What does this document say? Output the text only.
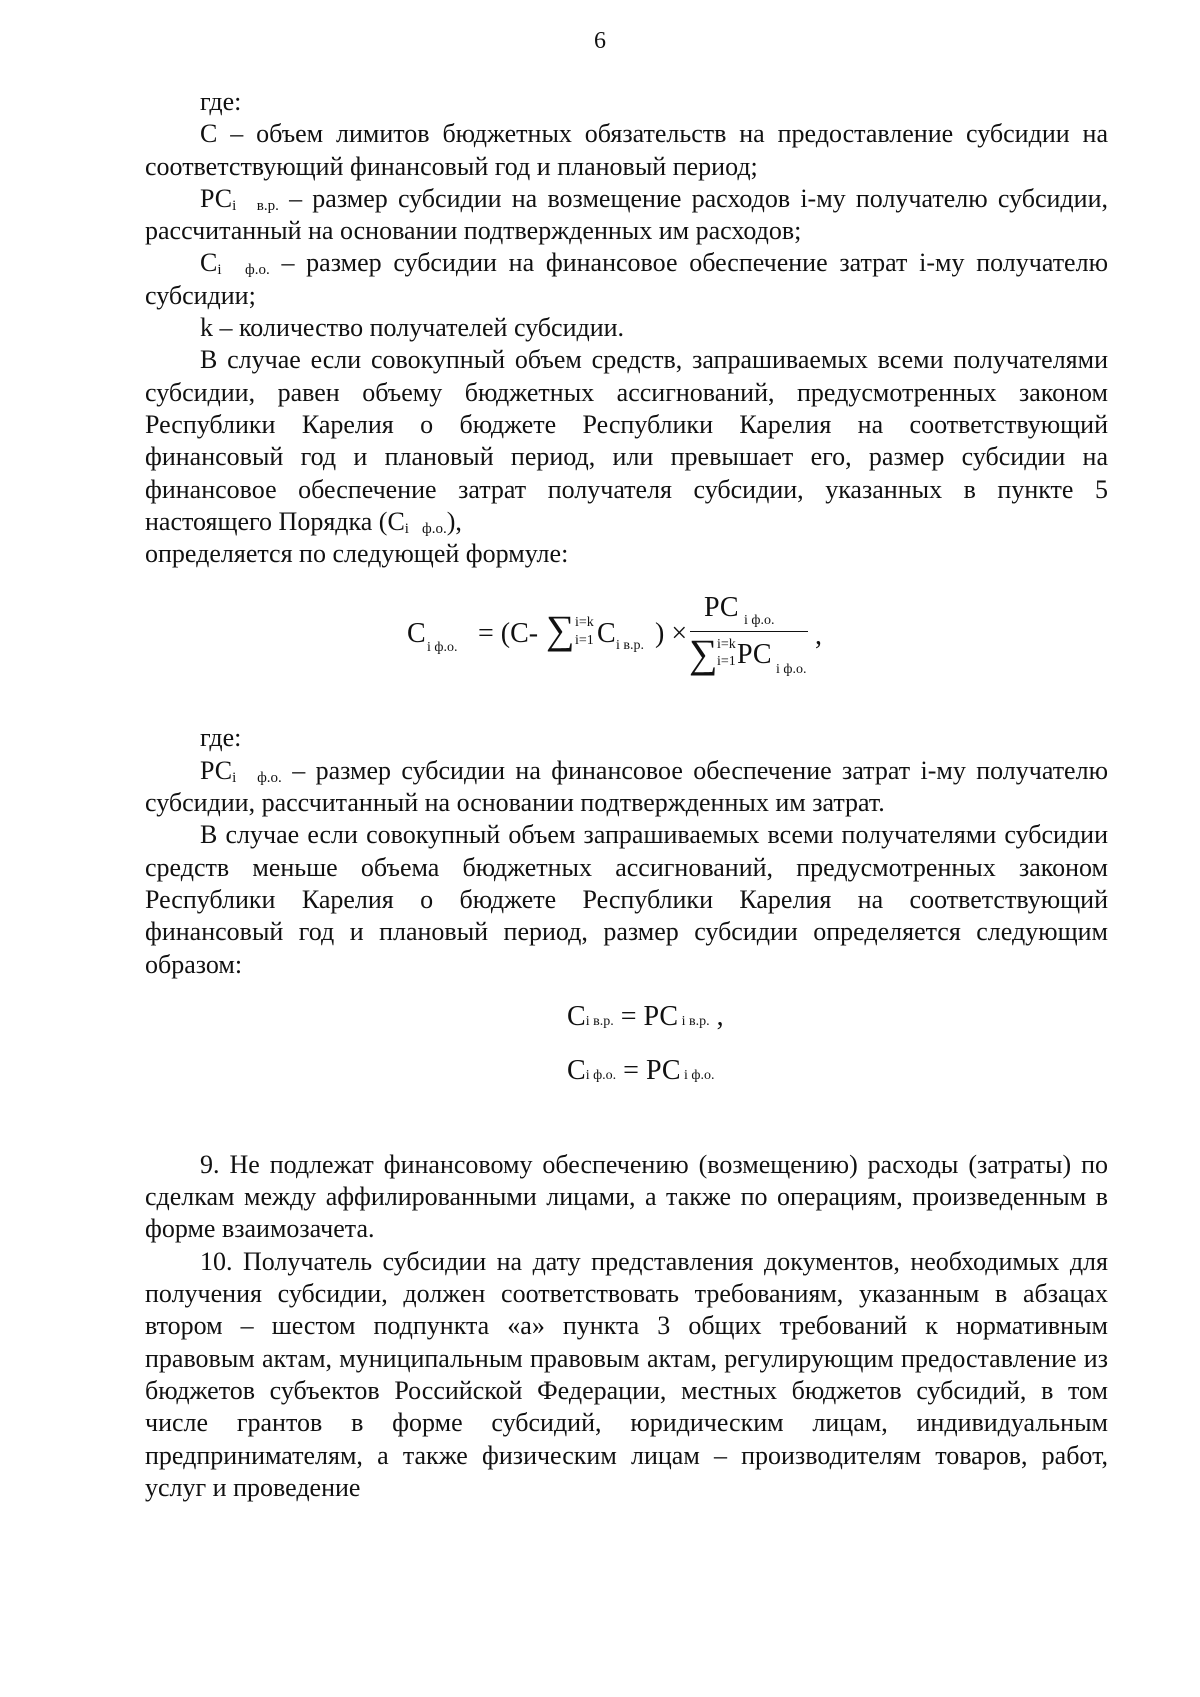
6

где:

С – объем лимитов бюджетных обязательств на предоставление субсидии на соответствующий финансовый год и плановый период;

$РС_i$ $_{в.р.}$ – размер субсидии на возмещение расходов i-му получателю субсидии, рассчитанный на основании подтвержденных им расходов;

$С_i$ $_{ф.о.}$ – размер субсидии на финансовое обеспечение затрат i-му получателю субсидии;

k – количество получателей субсидии.

В случае если совокупный объем средств, запрашиваемых всеми получателями субсидии, равен объему бюджетных ассигнований, предусмотренных законом Республики Карелия о бюджете Республики Карелия на соответствующий финансовый год и плановый период, или превышает его, размер субсидии на финансовое обеспечение затрат получателя субсидии, указанных в пункте 5 настоящего Порядка ($С_i$ $_{ф.о.}$),
определяется по следующей формуле:

С i ф.о. = (С- ∑ i=k
i=1 С i в.р. ) ×
РС i ф.о.
∑ i=k
i=1 РС i ф.о.
,

где:

$РС_i$ $_{ф.о.}$ – размер субсидии на финансовое обеспечение затрат i-му получателю субсидии, рассчитанный на основании подтвержденных им затрат.

В случае если совокупный объем запрашиваемых всеми получателями субсидии средств меньше объема бюджетных ассигнований, предусмотренных законом Республики Карелия о бюджете Республики Карелия на соответствующий финансовый год и плановый период, размер субсидии определяется следующим образом:

Сi в.р. = РС i в.р. ,
Сi ф.о. = РС i ф.о.

9. Не подлежат финансовому обеспечению (возмещению) расходы (затраты) по сделкам между аффилированными лицами, а также по операциям, произведенным в форме взаимозачета.

10. Получатель субсидии на дату представления документов, необходимых для получения субсидии, должен соответствовать требованиям, указанным в абзацах втором – шестом подпункта «а» пункта 3 общих требований к нормативным правовым актам, муниципальным правовым актам, регулирующим предоставление из бюджетов субъектов Российской Федерации, местных бюджетов субсидий, в том числе грантов в форме субсидий, юридическим лицам, индивидуальным предпринимателям, а также физическим лицам – производителям товаров, работ, услуг и проведение
